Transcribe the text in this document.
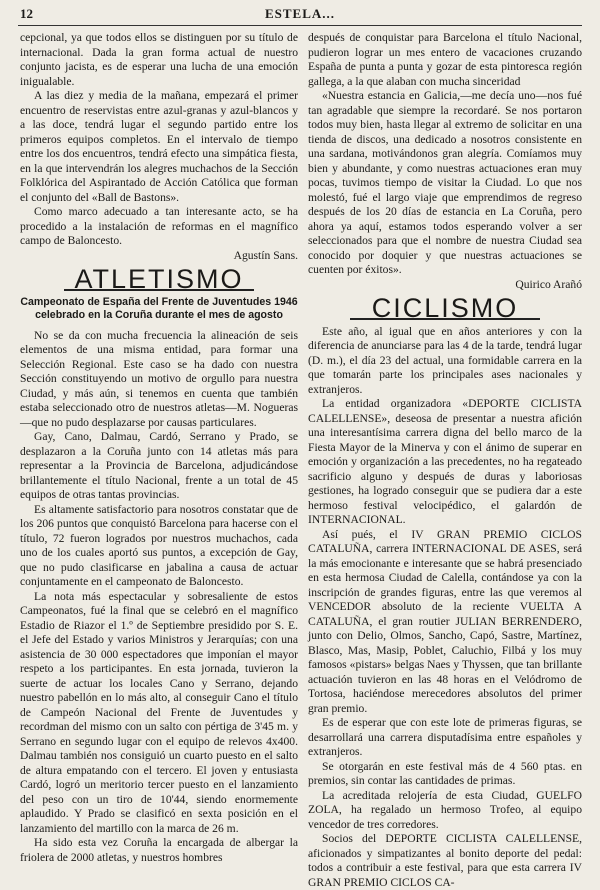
12	ESTELA...

cepcional, ya que todos ellos se distinguen por su título de internacional. Dada la gran forma actual de nuestro conjunto jacista, es de esperar una lucha de una emoción inigualable.

A las diez y media de la mañana, empezará el primer encuentro de reservistas entre azul-granas y azul-blancos y a las doce, tendrá lugar el segundo partido entre los primeros equipos completos. En el intervalo de tiempo entre los dos encuentros, tendrá efecto una simpática fiesta, en la que intervendrán los alegres muchachos de la Sección Folklórica del Aspirantado de Acción Católica que forman el conjunto del «Ball de Bastons».

Como marco adecuado a tan interesante acto, se ha procedido a la instalación de reformas en el magnífico campo de Baloncesto.

Agustín Sans.

ATLETISMO
Campeonato de España del Frente de Juventudes 1946 celebrado en la Coruña durante el mes de agosto

No se da con mucha frecuencia la alineación de seis elementos de una misma entidad, para formar una Selección Regional. Este caso se ha dado con nuestra Sección constituyendo un motivo de orgullo para nuestra Ciudad, y más aún, si tenemos en cuenta que también estaba seleccionado otro de nuestros atletas—M. Nogueras—que no pudo desplazarse por causas particulares.

Gay, Cano, Dalmau, Cardó, Serrano y Prado, se desplazaron a la Coruña junto con 14 atletas más para representar a la Provincia de Barcelona, adjudicándose brillantemente el título Nacional, frente a un total de 45 equipos de otras tantas provincias.

Es altamente satisfactorio para nosotros constatar que de los 206 puntos que conquistó Barcelona para hacerse con el título, 72 fueron logrados por nuestros muchachos, cada uno de los cuales aportó sus puntos, a excepción de Gay, que no pudo clasificarse en jabalina a causa de actuar conjuntamente en el campeonato de Baloncesto.

La nota más espectacular y sobresaliente de estos Campeonatos, fué la final que se celebró en el magnífico Estadio de Riazor el 1.º de Septiembre presidido por S. E. el Jefe del Estado y varios Ministros y Jerarquías; con una asistencia de 30 000 espectadores que imponían el mayor respeto a los participantes. En esta jornada, tuvieron la suerte de actuar los locales Cano y Serrano, dejando nuestro pabellón en lo más alto, al conseguir Cano el título de Campeón Nacional del Frente de Juventudes y recordman del mismo con un salto con pértiga de 3'45 m. y Serrano en segundo lugar con el equipo de relevos 4x400. Dalmau también nos consiguió un cuarto puesto en el salto de altura empatando con el tercero. El joven y entusiasta Cardó, logró un meritorio tercer puesto en el lanzamiento del peso con un tiro de 10'44, siendo enormemente aplaudido. Y Prado se clasificó en sexta posición en el lanzamiento del martillo con la marca de 26 m.

Ha sido esta vez Coruña la encargada de albergar la friolera de 2000 atletas, y nuestros hombres

después de conquistar para Barcelona el título Nacional, pudieron lograr un mes entero de vacaciones cruzando España de punta a punta y gozar de esta pintoresca región gallega, a la que alaban con mucha sinceridad

«Nuestra estancia en Galicia,—me decía uno—nos fué tan agradable que siempre la recordaré. Se nos portaron todos muy bien, hasta llegar al extremo de solicitar en una tienda de discos, una dedicado a nosotros consistente en una sardana, motivándonos gran alegría. Comíamos muy bien y abundante, y como nuestras actuaciones eran muy pocas, tuvimos tiempo de visitar la Ciudad. Lo que nos molestó, fué el largo viaje que emprendimos de regreso después de los 20 días de estancia en La Coruña, pero ahora ya aquí, estamos todos esperando volver a ser seleccionados para que el nombre de nuestra Ciudad sea conocido por doquier y que nuestras actuaciones se cuenten por éxitos».

Quirico Arañó

CICLISMO

Este año, al igual que en años anteriores y con la diferencia de anunciarse para las 4 de la tarde, tendrá lugar (D. m.), el día 23 del actual, una formidable carrera en la que tomarán parte los principales ases nacionales y extranjeros.

La entidad organizadora «DEPORTE CICLISTA CALELLENSE», deseosa de presentar a nuestra afición una interesantísima carrera digna del bello marco de la Fiesta Mayor de la Minerva y con el ánimo de superar en emoción y organización a las precedentes, no ha regateado sacrificio alguno y después de duras y laboriosas gestiones, ha logrado conseguir que se pudiera dar a este hermoso festival velocipédico, el galardón de INTERNACIONAL.

Así pués, el IV GRAN PREMIO CICLOS CATALUÑA, carrera INTERNACIONAL DE ASES, será la más emocionante e interesante que se habrá presenciado en esta hermosa Ciudad de Calella, contándose ya con la inscripción de grandes figuras, entre las que veremos al VENCEDOR absoluto de la reciente VUELTA A CATALUÑA, el gran routier JULIAN BERRENDERO, junto con Delio, Olmos, Sancho, Capó, Sastre, Martínez, Blasco, Mas, Masip, Poblet, Caluchio, Filbá y los muy famosos «pistars» belgas Naes y Thyssen, que tan brillante actuación tuvieron en las 48 horas en el Velódromo de Tortosa, haciéndose merecedores absolutos del primer gran premio.

Es de esperar que con este lote de primeras figuras, se desarrollará una carrera disputadísima entre españoles y extranjeros.

Se otorgarán en este festival más de 4 560 ptas. en premios, sin contar las cantidades de primas.

La acreditada relojería de esta Ciudad, GUELFO ZOLA, ha regalado un hermoso Trofeo, al equipo vencedor de tres corredores.

Socios del DEPORTE CICLISTA CALELLENSE, aficionados y simpatizantes al bonito deporte del pedal: todos a contribuir a este festival, para que esta carrera IV GRAN PREMIO CICLOS CA-
